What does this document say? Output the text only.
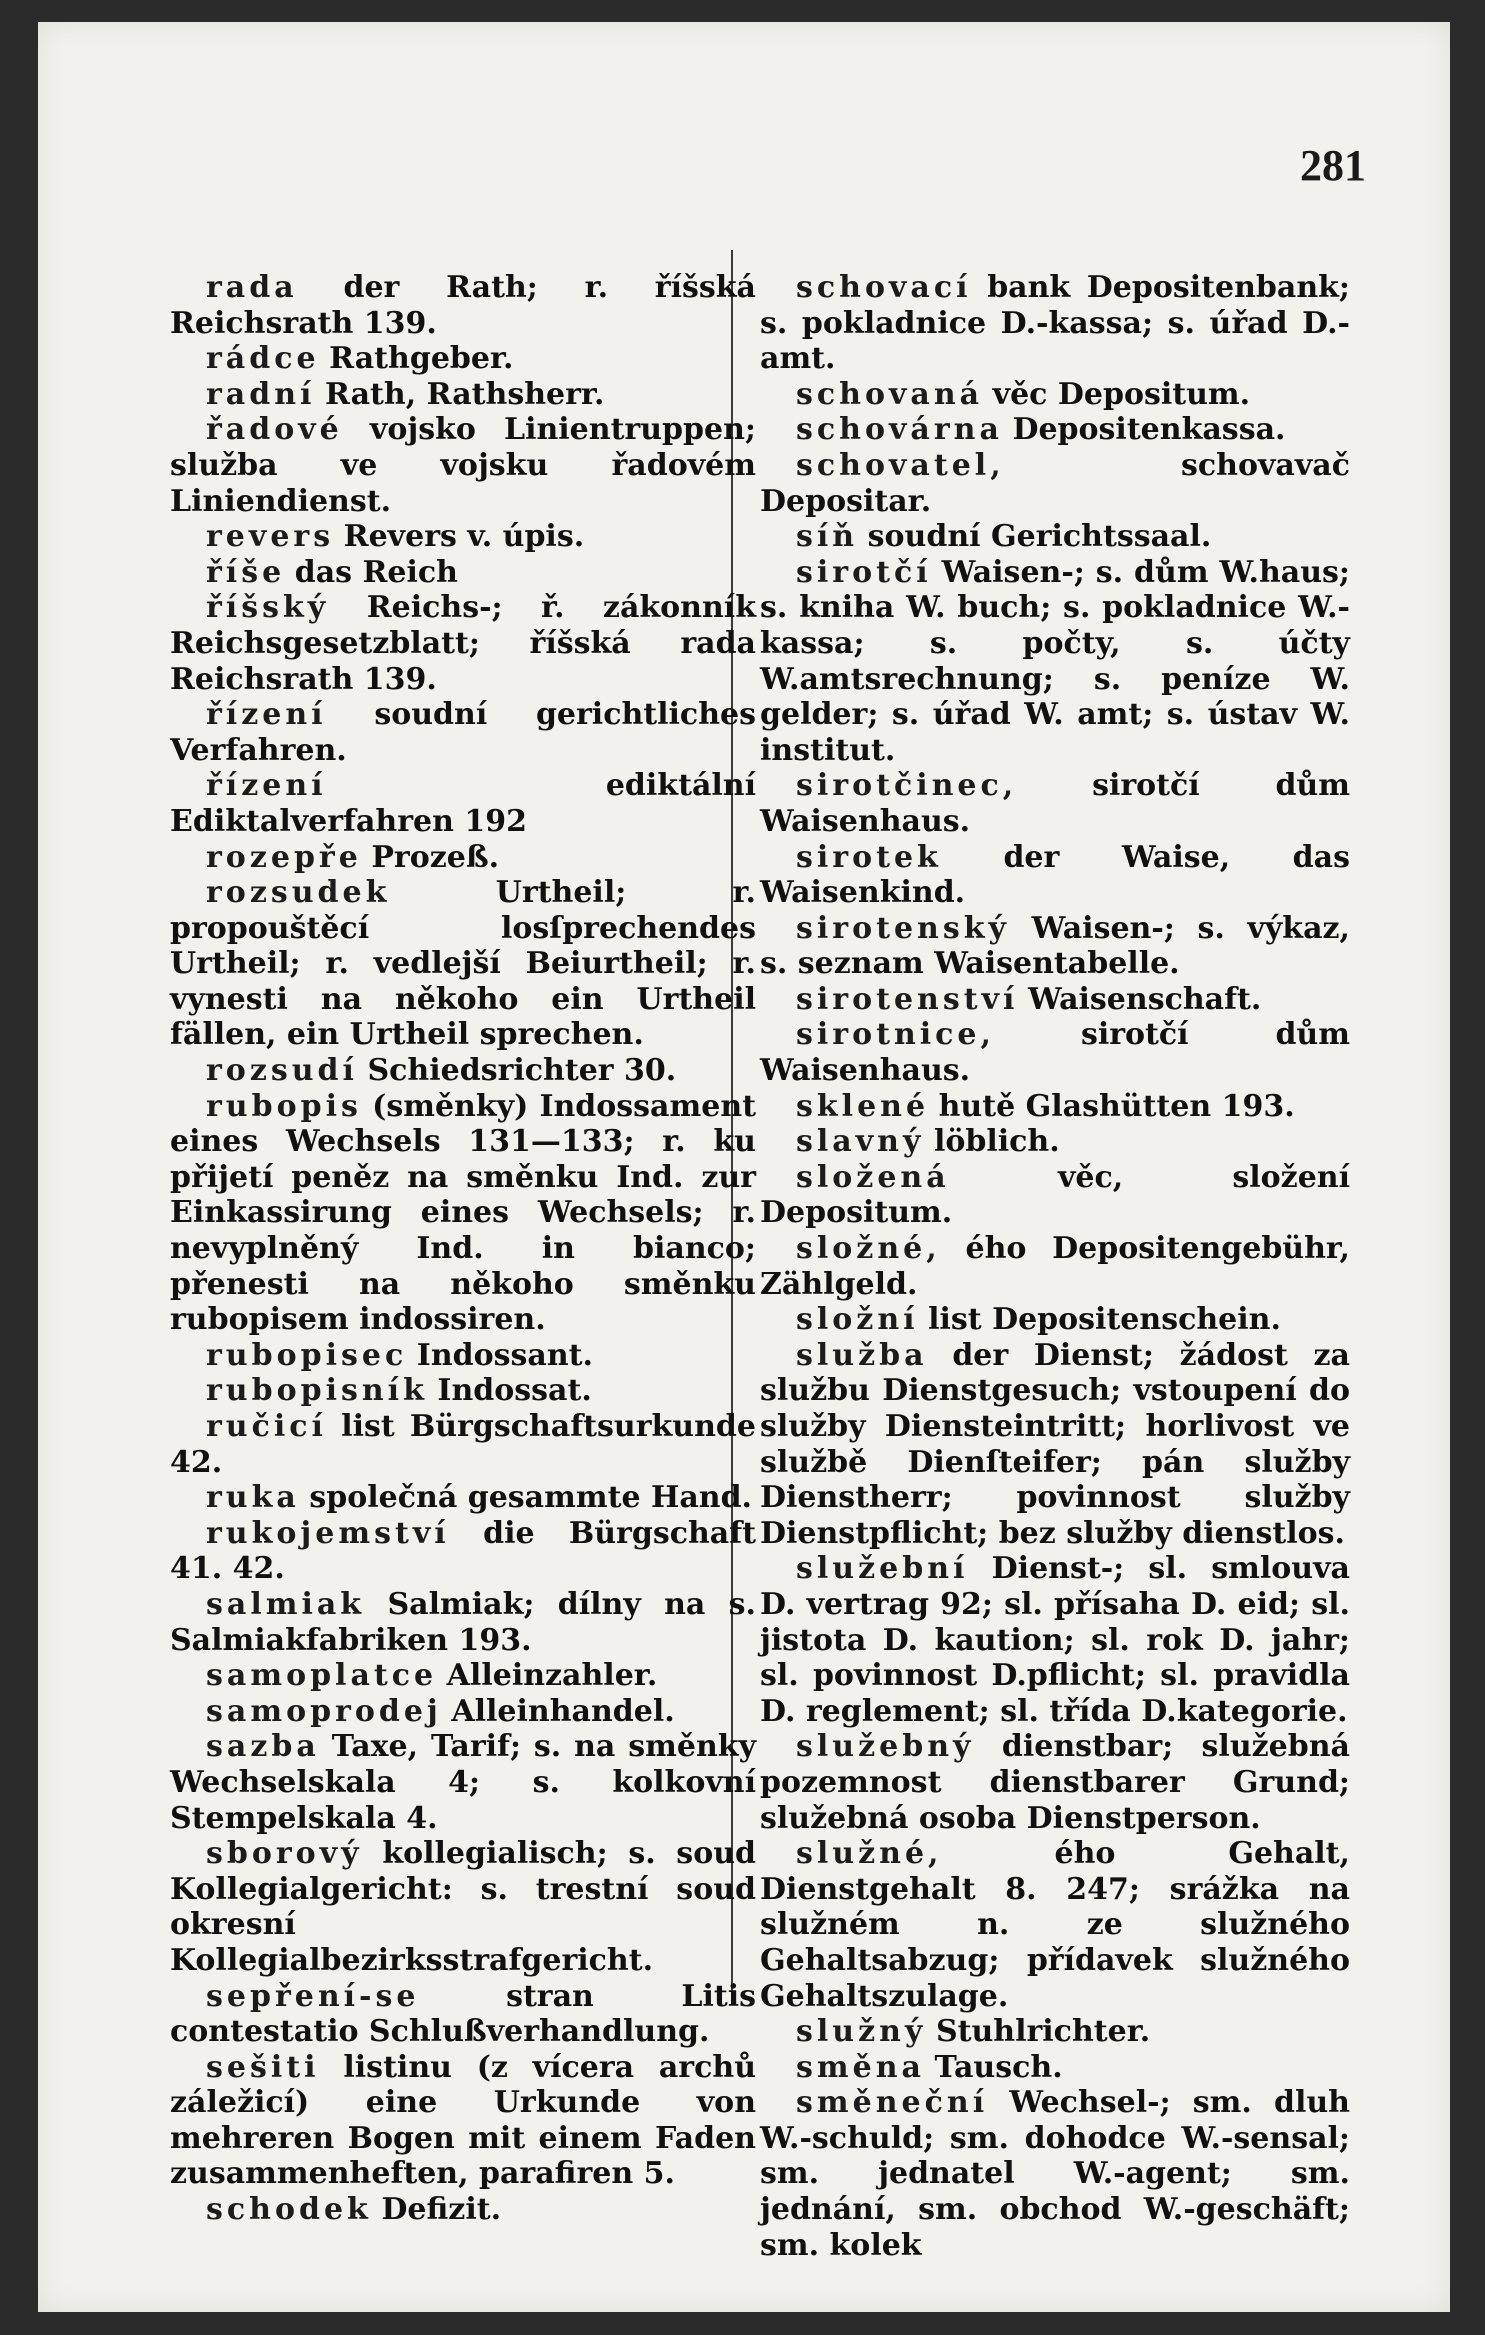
281

rada der Rath; r. říšská Reichsrath 139.

rádce Rathgeber.

radní Rath, Rathsherr.

řadové vojsko Linientruppen; služba ve vojsku řadovém Liniendienst.

revers Revers v. úpis.

říše das Reich

říšský Reichs-; ř. zákonník Reichsgesetzblatt; říšská rada Reichsrath 139.

řízení soudní gerichtliches Verfahren.

řízení	ediktální Ediktalverfahren 192

rozepře Prozeß.

rozsudek	Urtheil; r. propouštěcí losſprechendes Urtheil; r. vedlejší Beiurtheil; r. vynesti na někoho ein Urtheil fällen, ein Urtheil sprechen.

rozsudí Schiedsrichter 30.

rubopis (směnky) Indossament eines Wechsels 131—133; r. ku přijetí peněz na směnku Ind. zur Einkassirung eines Wechsels; r. nevyplněný Ind. in bianco; přenesti na někoho směnku rubopisem indossiren.

rubopisec Indossant.

rubopisník Indossat.

ručicí list Bürgschaftsurkunde 42.

ruka společná gesammte Hand.

rukojemství die Bürgschaft 41. 42.

salmiak Salmiak; dílny na s. Salmiakfabriken 193.

samoplatce Alleinzahler.

samoprodej Alleinhandel.

sazba Taxe, Tarif; s. na směnky Wechselskala 4; s. kolkovní Stempelskala 4.

sborový kollegialisch; s. soud Kollegialgericht: s. trestní soud okresní Kollegialbezirksstrafgericht.

sepření-se	stran Litis contestatio Schlußverhandlung.

sešiti listinu (z vícera archů záležicí) eine Urkunde von mehreren Bogen mit einem Faden zusammenheften, parafiren 5.

schodek Defizit.

schovací bank Depositenbank; s. pokladnice D.-kassa; s. úřad D.-amt.

schovaná věc Depositum.

schovárna Depositenkassa.

schovatel,	schovavač Depositar.

síň soudní Gerichtssaal.

sirotčí Waisen-; s. dům W.haus; s. kniha W. buch; s. pokladnice W.-kassa; s. počty, s. účty W.amtsrechnung; s. peníze W. gelder; s. úřad W. amt; s. ústav W. institut.

sirotčinec, sirotčí dům Waisenhaus.

sirotek der Waise, das Waisenkind.

sirotenský Waisen-; s. výkaz, s. seznam Waisentabelle.

sirotenství Waisenschaft.

sirotnice,	sirotčí dům Waisenhaus.

sklené hutě Glashütten 193.

slavný löblich.

složená	věc, složení Depositum.

složné, ého Depositengebühr, Zählgeld.

složní list Depositenschein.

služba der Dienst; žádost za službu Dienstgesuch; vstoupení do služby Diensteintritt; horlivost ve službě Dienſteifer; pán služby Dienstherr; povinnost služby Dienstpflicht; bez služby dienstlos.

služební Dienst-; sl. smlouva D. vertrag 92; sl. přísaha D. eid; sl. jistota D. kaution; sl. rok D. jahr; sl. povinnost D.pflicht; sl. pravidla D. reglement; sl. třída D.kategorie.

služebný dienstbar; služebná pozemnost dienstbarer Grund; služebná osoba Dienstperson.

služné,	ého Gehalt, Dienstgehalt 8. 247; srážka na služném n. ze služného Gehaltsabzug; přídavek služného Gehaltszulage.

služný Stuhlrichter.

směna Tausch.

směneční Wechsel-; sm. dluh W.-schuld; sm. dohodce W.-sensal; sm. jednatel W.-agent; sm. jednání, sm. obchod W.-geschäft; sm. kolek
